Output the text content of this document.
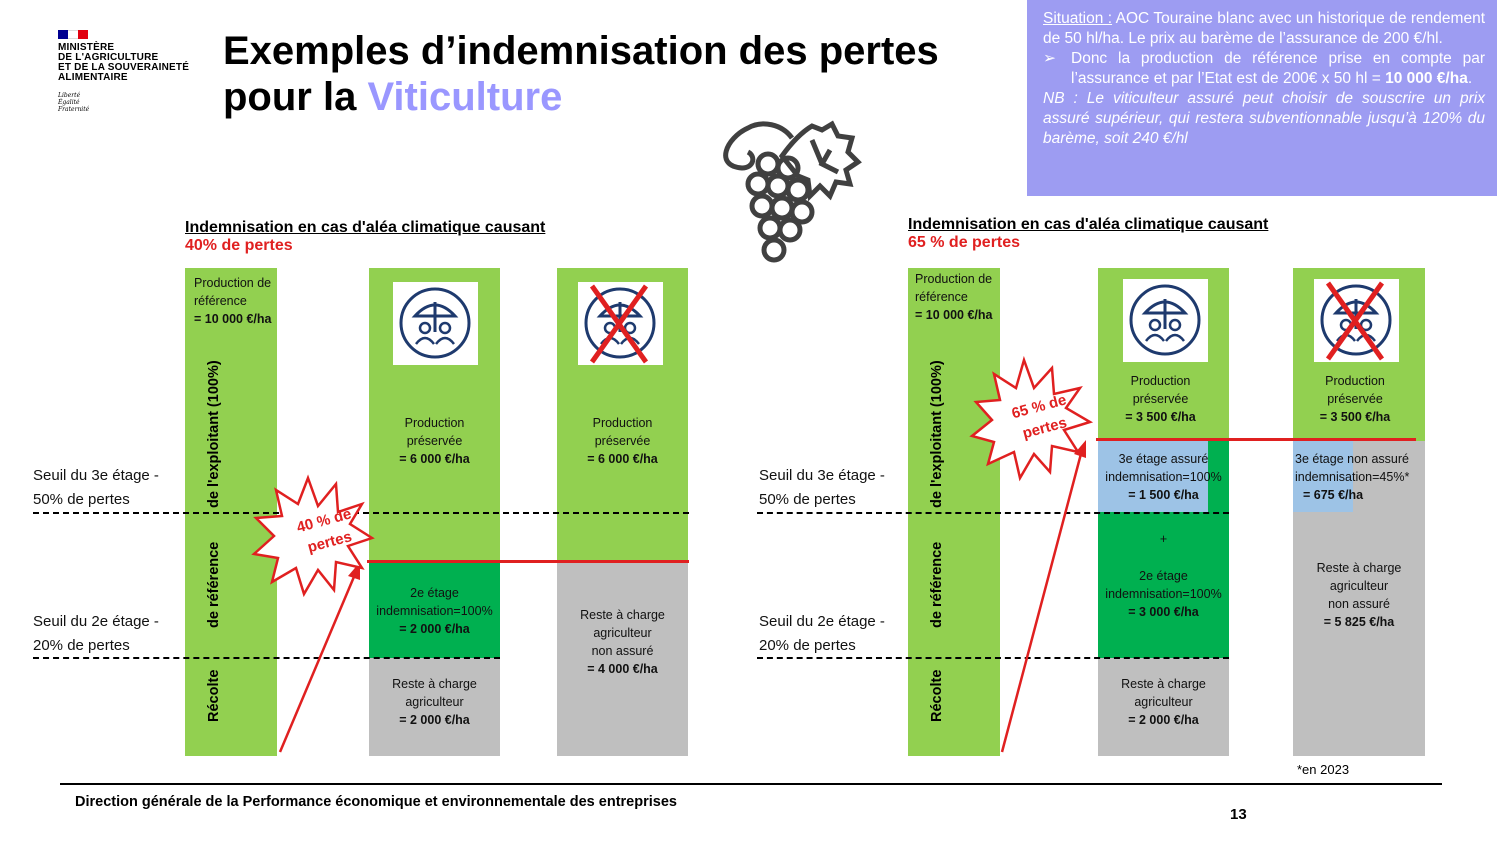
MINISTÈRE
DE L'AGRICULTURE
ET DE LA SOUVERAINETÉ
ALIMENTAIRE
Liberté
Égalité
Fraternité
Exemples d’indemnisation des pertes
pour la Viticulture

Situation : AOC Touraine blanc avec un historique de rendement de 50 hl/ha. Le prix au barème de l’assurance de 200 €/hl.

➢ Donc la production de référence prise en compte par l’assurance et par l’Etat est de 200€ x 50 hl = 10 000 €/ha.

NB : Le viticulteur assuré peut choisir de souscrire un prix assuré supérieur, qui restera subventionnable jusqu’à 120% du barème, soit 240 €/hl

Indemnisation en cas d'aléa climatique causant
40% de pertes
Production de
référence
= 10 000 €/ha
Récolte
de référence
de l'exploitant (100%)	Production
préservée
= 6 000 €/ha
2e étage
indemnisation=100%
= 2 000 €/ha
Reste à charge
agriculteur
= 2 000 €/ha
Production
préservée
= 6 000 €/ha
Reste à charge
agriculteur
non assuré
= 4 000 €/ha
Seuil du 3e étage -
50% de pertes
Seuil du 2e étage -
20% de pertes
40 % de
pertes
Indemnisation en cas d'aléa climatique causant
65 % de pertes
Production de
référence
= 10 000 €/ha
Récolte
de référence
de l'exploitant (100%)	Production
préservée
= 3 500 €/ha
3e étage assuré
indemnisation=100%
= 1 500 €/ha
+
2e étage
indemnisation=100%
= 3 000 €/ha
Reste à charge
agriculteur
= 2 000 €/ha
Production
préservée
= 3 500 €/ha
3e étage non assuré
indemnisation=45%*
= 675 €/ha
Reste à charge
agriculteur
non assuré
= 5 825 €/ha
Seuil du 3e étage -
50% de pertes
Seuil du 2e étage -
20% de pertes
65 % de
pertes
*en 2023
Direction générale de la Performance économique et environnementale des entreprises
13
